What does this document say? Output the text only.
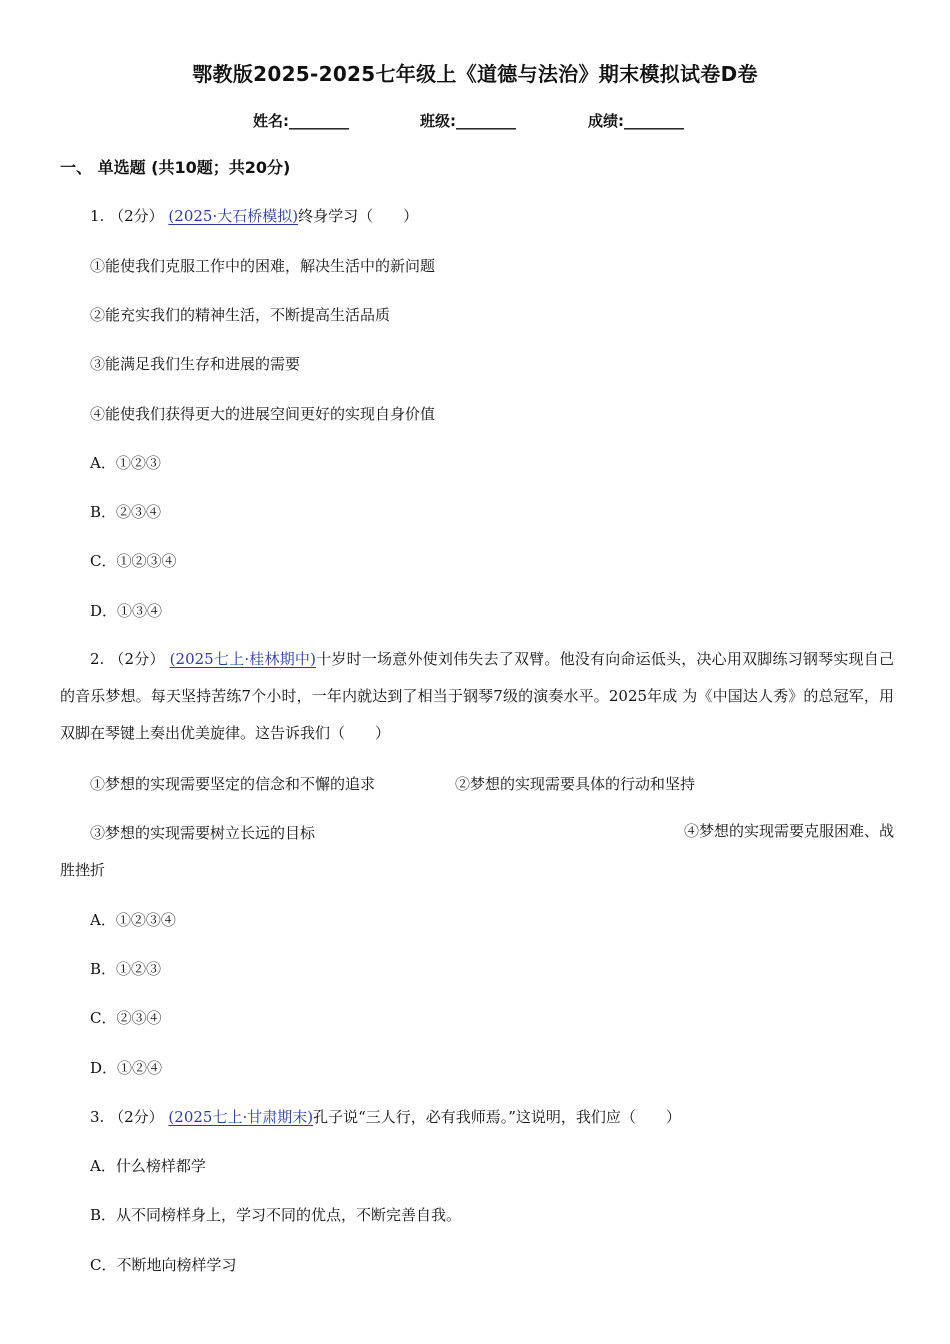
鄂教版2025-2025七年级上《道德与法治》期末模拟试卷D卷
姓名:________	班级:________	成绩:________
一、 单选题 (共10题；共20分)
1. （2分） (2025·大石桥模拟)终身学习（　　）
①能使我们克服工作中的困难，解决生活中的新问题
②能充实我们的精神生活，不断提高生活品质
③能满足我们生存和进展的需要
④能使我们获得更大的进展空间更好的实现自身价值
A．①②③
B．②③④
C．①②③④
D．①③④
2. （2分） (2025七上·桂林期中)十岁时一场意外使刘伟失去了双臂。他没有向命运低头，决心用双脚练习钢琴实现自己的音乐梦想。每天坚持苦练7个小时，一年内就达到了相当于钢琴7级的演奏水平。2025年成 为《中国达人秀》的总冠军，用双脚在琴键上奏出优美旋律。这告诉我们（　　）
①梦想的实现需要坚定的信念和不懈的追求	②梦想的实现需要具体的行动和坚持
③梦想的实现需要树立长远的目标	④梦想的实现需要克服困难、战
胜挫折
A．①②③④
B．①②③
C．②③④
D．①②④
3. （2分） (2025七上·甘肃期末)孔子说“三人行，必有我师焉。”这说明，我们应（　　）
A．什么榜样都学
B．从不同榜样身上，学习不同的优点，不断完善自我。
C．不断地向榜样学习
